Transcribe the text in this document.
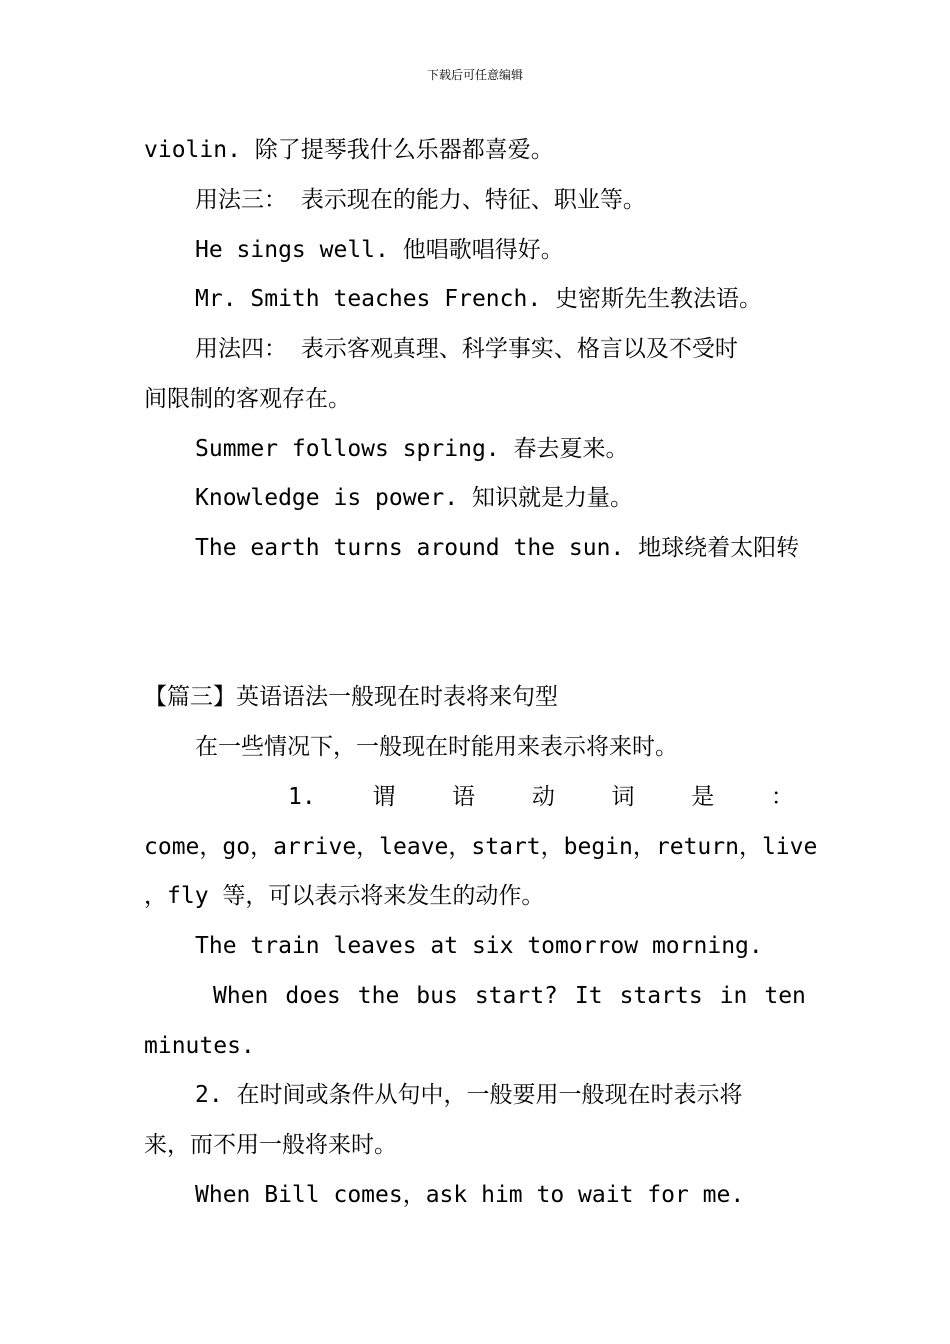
下载后可任意编辑
violin. 除了提琴我什么乐器都喜爱。
用法三： 表示现在的能力、特征、职业等。
He sings well. 他唱歌唱得好。
Mr. Smith teaches French. 史密斯先生教法语。
用法四： 表示客观真理、科学事实、格言以及不受时
间限制的客观存在。
Summer follows spring. 春去夏来。
Knowledge is power. 知识就是力量。
The earth turns around the sun. 地球绕着太阳转
【篇三】英语语法一般现在时表将来句型
在一些情况下，一般现在时能用来表示将来时。
1. 谓 语 动 词 是 ：
come，go，arrive，leave，start，begin，return，live
，fly 等，可以表示将来发生的动作。
The train leaves at six tomorrow morning.
When does the bus start? It starts in ten
minutes.
2. 在时间或条件从句中，一般要用一般现在时表示将
来，而不用一般将来时。
When Bill comes，ask him to wait for me.
